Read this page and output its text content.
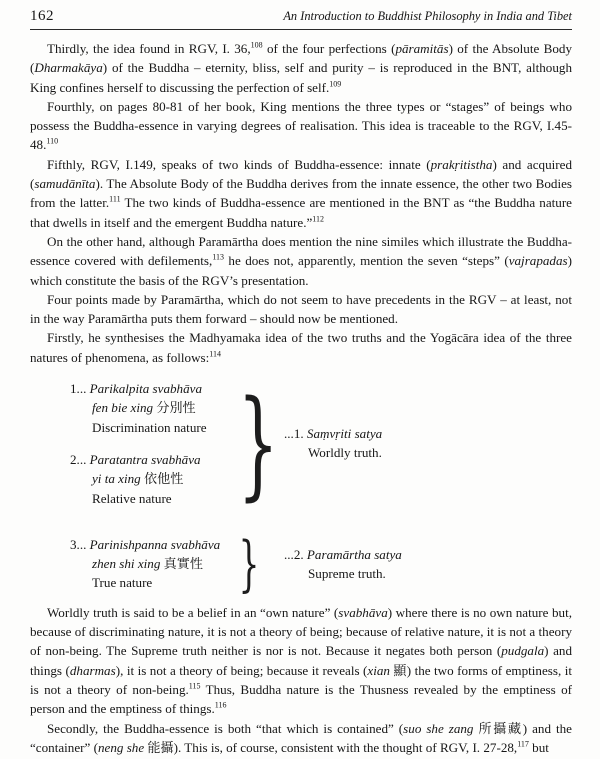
162	An Introduction to Buddhist Philosophy in India and Tibet

Thirdly, the idea found in RGV, I. 36,$^{108}$ of the four perfections (pāramitās) of the Absolute Body (Dharmakāya) of the Buddha – eternity, bliss, self and purity – is reproduced in the BNT, although King confines herself to discussing the perfection of self.$^{109}$

Fourthly, on pages 80-81 of her book, King mentions the three types or “stages” of beings who possess the Buddha-essence in varying degrees of realisation. This idea is traceable to the RGV, I.45-48.$^{110}$

Fifthly, RGV, I.149, speaks of two kinds of Buddha-essence: innate (prakṛitistha) and acquired (samudānīta). The Absolute Body of the Buddha derives from the innate essence, the other two Bodies from the latter.$^{111}$ The two kinds of Buddha-essence are mentioned in the BNT as “the Buddha nature that dwells in itself and the emergent Buddha nature.”$^{112}$

On the other hand, although Paramārtha does mention the nine similes which illustrate the Buddha-essence covered with defilements,$^{113}$ he does not, apparently, mention the seven “steps” (vajrapadas) which constitute the basis of the RGV’s presentation.

Four points made by Paramārtha, which do not seem to have precedents in the RGV – at least, not in the way Paramārtha puts them forward – should now be mentioned.

Firstly, he synthesises the Madhyamaka idea of the two truths and the Yogācāra idea of the three natures of phenomena, as follows:$^{114}$

1... Parikalpita svabhāva
fen bie xing 分別性
Discrimination nature
2... Paratantra svabhāva
yi ta xing 依他性
Relative nature } ...1. Saṃvṛiti satya
Worldly truth.
3... Parinishpanna svabhāva
zhen shi xing 真實性
True nature	} ...2. Paramārtha satya
Supreme truth.

Worldly truth is said to be a belief in an “own nature” (svabhāva) where there is no own nature but, because of discriminating nature, it is not a theory of being; because of relative nature, it is not a theory of non-being. The Supreme truth neither is nor is not. Because it negates both person (pudgala) and things (dharmas), it is not a theory of being; because it reveals (xian 顯) the two forms of emptiness, it is not a theory of non-being.$^{115}$ Thus, Buddha nature is the Thusness revealed by the emptiness of person and the emptiness of things.$^{116}$

Secondly, the Buddha-essence is both “that which is contained” (suo she zang 所攝藏) and the “container” (neng she 能攝). This is, of course, consistent with the thought of RGV, I. 27-28,$^{117}$ but
